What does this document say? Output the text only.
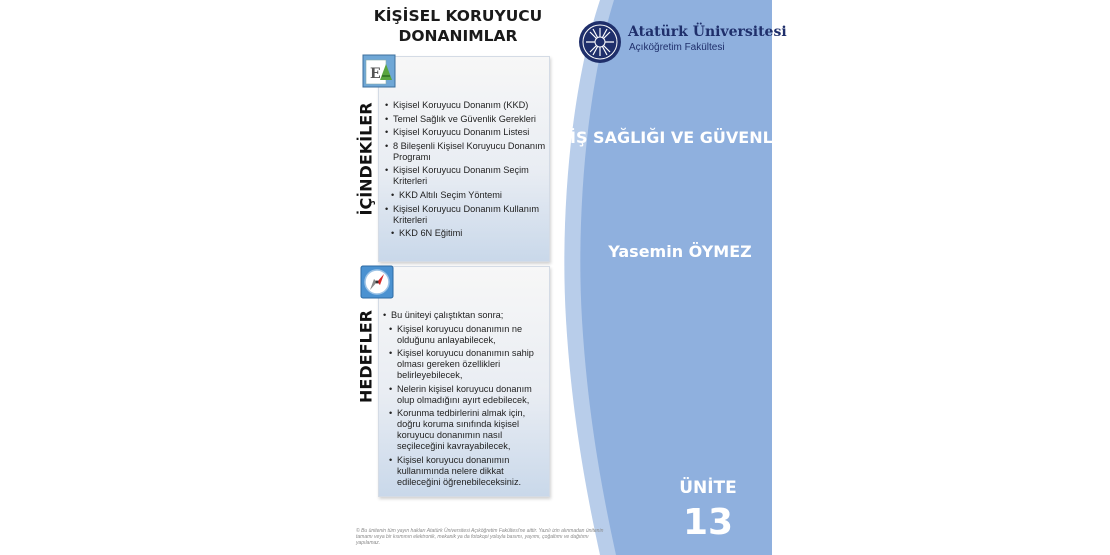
KİŞİSEL KORUYUCU
DONANIMLAR	Atatürk Üniversitesi
Açıköğretim Fakültesi
İŞ SAĞLIĞI VE GÜVENLİĞİ
Yasemin ÖYMEZ
ÜNİTE
13
İÇİNDEKİLER
HEDEFLER
E
• Kişisel Koruyucu Donanım (KKD)
• Temel Sağlık ve Güvenlik Gerekleri
• Kişisel Koruyucu Donanım Listesi
• 8 Bileşenli Kişisel Koruyucu Donanım Programı
• Kişisel Koruyucu Donanım Seçim Kriterleri
• KKD Altılı Seçim Yöntemi
• Kişisel Koruyucu Donanım Kullanım Kriterleri
• KKD 6N Eğitimi
• Bu üniteyi çalıştıktan sonra;
• Kişisel koruyucu donanımın ne olduğunu anlayabilecek,
• Kişisel koruyucu donanımın sahip olması gereken özellikleri belirleyebilecek,
• Nelerin kişisel koruyucu donanım olup olmadığını ayırt edebilecek,
• Korunma tedbirlerini almak için, doğru koruma sınıfında kişisel koruyucu donanımın nasıl seçileceğini kavrayabilecek,
• Kişisel koruyucu donanımın kullanımında nelere dikkat edileceğini öğrenebileceksiniz.
© Bu ünitenin tüm yayın hakları Atatürk Üniversitesi Açıköğretim Fakültesi'ne aittir. Yazılı izin alınmadan ünitenin tamamı veya bir kısmının elektronik, mekanik ya da fotokopi yoluyla basımı, yayımı, çoğaltımı ve dağıtımı yapılamaz.
